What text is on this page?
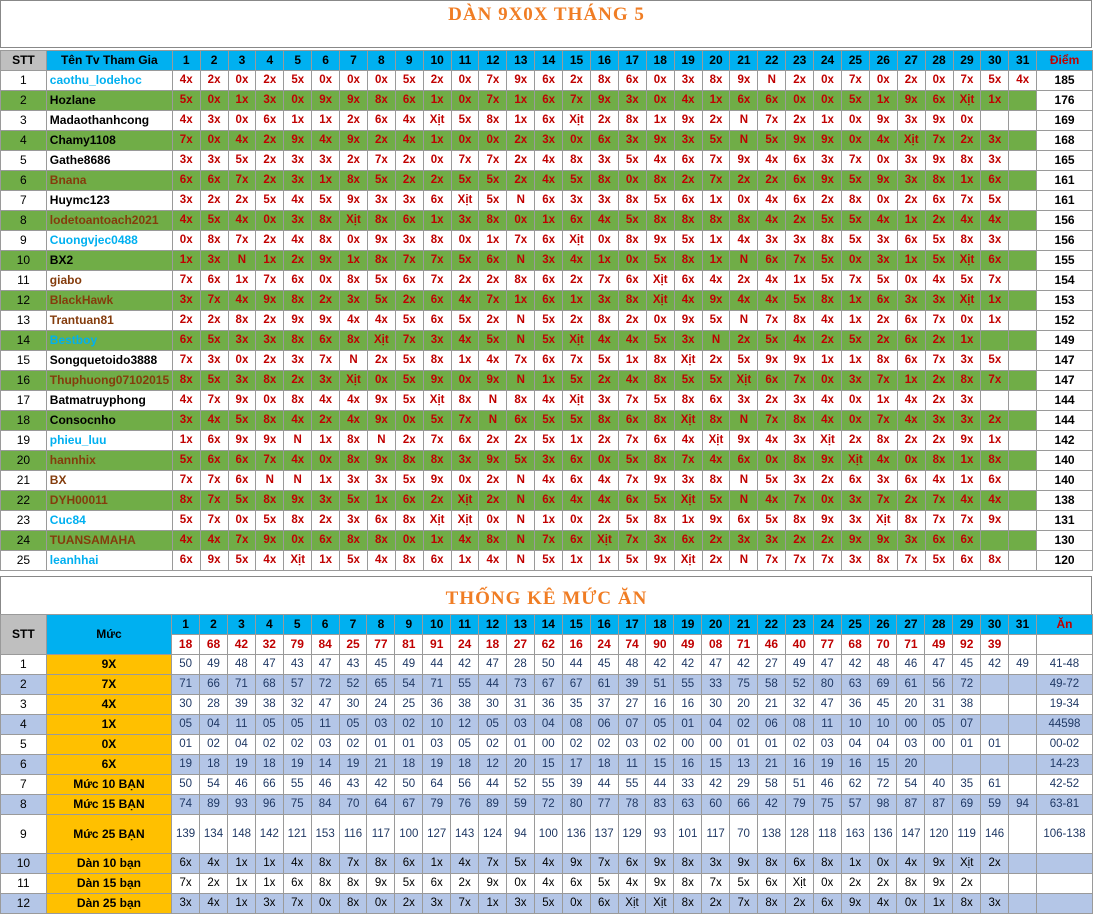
DÀN 9X0X THÁNG 5
STT	Tên Tv Tham Gia	1	2	3	4	5	6	7	8	9	10	11	12	13	14	15	16	17	18	19	20	21	22	23	24	25	26	27	28	29	30	31	Điểm
1	caothu_lodehoc	4x	2x	0x	2x	5x	0x	0x	0x	5x	2x	0x	7x	9x	6x	2x	8x	6x	0x	3x	8x	9x	N	2x	0x	7x	0x	2x	0x	7x	5x	4x	185
2	Hozlane	5x	0x	1x	3x	0x	9x	9x	8x	6x	1x	0x	7x	1x	6x	7x	9x	3x	0x	4x	1x	6x	6x	0x	0x	5x	1x	9x	6x	Xịt	1x		176
3	Madaothanhcong	4x	3x	0x	6x	1x	1x	2x	6x	4x	Xịt	5x	8x	1x	6x	Xịt	2x	8x	1x	9x	2x	N	7x	2x	1x	0x	9x	3x	9x	0x			169
4	Chamy1108	7x	0x	4x	2x	9x	4x	9x	2x	4x	1x	0x	0x	2x	3x	0x	6x	3x	9x	3x	5x	N	5x	9x	9x	0x	4x	Xịt	7x	2x	3x		168
5	Gathe8686	3x	3x	5x	2x	3x	3x	2x	7x	2x	0x	7x	7x	2x	4x	8x	3x	5x	4x	6x	7x	9x	4x	6x	3x	7x	0x	3x	9x	8x	3x		165
6	Bnana	6x	6x	7x	2x	3x	1x	8x	5x	2x	2x	5x	5x	2x	4x	5x	8x	0x	8x	2x	7x	2x	2x	6x	9x	5x	9x	3x	8x	1x	6x		161
7	Huymc123	3x	2x	2x	5x	4x	5x	9x	3x	3x	6x	Xịt	5x	N	6x	3x	3x	8x	5x	6x	1x	0x	4x	6x	2x	8x	0x	2x	6x	7x	5x		161
8	lodetoantoach2021	4x	5x	4x	0x	3x	8x	Xịt	8x	6x	1x	3x	8x	0x	1x	6x	4x	5x	8x	8x	8x	8x	4x	2x	5x	5x	4x	1x	2x	4x	4x		156
9	Cuongvjec0488	0x	8x	7x	2x	4x	8x	0x	9x	3x	8x	0x	1x	7x	6x	Xịt	0x	8x	9x	5x	1x	4x	3x	3x	8x	5x	3x	6x	5x	8x	3x		156
10	BX2	1x	3x	N	1x	2x	9x	1x	8x	7x	7x	5x	6x	N	3x	4x	1x	0x	5x	8x	1x	N	6x	7x	5x	0x	3x	1x	5x	Xịt	6x		155
11	giabo	7x	6x	1x	7x	6x	0x	8x	5x	6x	7x	2x	2x	8x	6x	2x	7x	6x	Xịt	6x	4x	2x	4x	1x	5x	7x	5x	0x	4x	5x	7x		154
12	BlackHawk	3x	7x	4x	9x	8x	2x	3x	5x	2x	6x	4x	7x	1x	6x	1x	3x	8x	Xịt	4x	9x	4x	4x	5x	8x	1x	6x	3x	3x	Xịt	1x		153
13	Trantuan81	2x	2x	8x	2x	9x	9x	4x	4x	5x	6x	5x	2x	N	5x	2x	8x	2x	0x	9x	5x	N	7x	8x	4x	1x	2x	6x	7x	0x	1x		152
14	Bestboy	6x	5x	3x	3x	8x	6x	8x	Xịt	7x	3x	4x	5x	N	5x	Xịt	4x	4x	5x	3x	N	2x	5x	4x	2x	5x	2x	6x	2x	1x			149
15	Songquetoido3888	7x	3x	0x	2x	3x	7x	N	2x	5x	8x	1x	4x	7x	6x	7x	5x	1x	8x	Xịt	2x	5x	9x	9x	1x	1x	8x	6x	7x	3x	5x		147
16	Thuphuong07102015	8x	5x	3x	8x	2x	3x	Xịt	0x	5x	9x	0x	9x	N	1x	5x	2x	4x	8x	5x	5x	Xịt	6x	7x	0x	3x	7x	1x	2x	8x	7x		147
17	Batmatruyphong	4x	7x	9x	0x	8x	4x	4x	9x	5x	Xịt	8x	N	8x	4x	Xịt	3x	7x	5x	8x	6x	3x	2x	3x	4x	0x	1x	4x	2x	3x			144
18	Consocnho	3x	4x	5x	8x	4x	2x	4x	9x	0x	5x	7x	N	6x	5x	5x	8x	6x	8x	Xịt	8x	N	7x	8x	4x	0x	7x	4x	3x	3x	2x		144
19	phieu_luu	1x	6x	9x	9x	N	1x	8x	N	2x	7x	6x	2x	2x	5x	1x	2x	7x	6x	4x	Xịt	9x	4x	3x	Xịt	2x	8x	2x	2x	9x	1x		142
20	hannhix	5x	6x	6x	7x	4x	0x	8x	9x	8x	8x	3x	9x	5x	3x	6x	0x	5x	8x	7x	4x	6x	0x	8x	9x	Xịt	4x	0x	8x	1x	8x		140
21	BX	7x	7x	6x	N	N	1x	3x	3x	5x	9x	0x	2x	N	4x	6x	4x	7x	9x	3x	8x	N	5x	3x	2x	6x	3x	6x	4x	1x	6x		140
22	DYH00011	8x	7x	5x	8x	9x	3x	5x	1x	6x	2x	Xịt	2x	N	6x	4x	4x	6x	5x	Xịt	5x	N	4x	7x	0x	3x	7x	2x	7x	4x	4x		138
23	Cuc84	5x	7x	0x	5x	8x	2x	3x	6x	8x	Xịt	Xịt	0x	N	1x	0x	2x	5x	8x	1x	9x	6x	5x	8x	9x	3x	Xịt	8x	7x	7x	9x		131
24	TUANSAMAHA	4x	4x	7x	9x	0x	6x	8x	8x	0x	1x	4x	8x	N	7x	6x	Xịt	7x	3x	6x	2x	3x	3x	2x	2x	9x	9x	3x	6x	6x			130
25	leanhhai	6x	9x	5x	4x	Xịt	1x	5x	4x	8x	6x	1x	4x	N	5x	1x	1x	5x	9x	Xịt	2x	N	7x	7x	7x	3x	8x	7x	5x	6x	8x		120
THỐNG KÊ MỨC ĂN
STT	Mức	1	2	3	4	5	6	7	8	9	10	11	12	13	14	15	16	17	18	19	20	21	22	23	24	25	26	27	28	29	30	31	Ăn
		18	68	42	32	79	84	25	77	81	91	24	18	27	62	16	24	74	90	49	08	71	46	40	77	68	70	71	49	92	39		
1	9X	50	49	48	47	43	47	43	45	49	44	42	47	28	50	44	45	48	42	42	47	42	27	49	47	42	48	46	47	45	42	49	41-48
2	7X	71	66	71	68	57	72	52	65	54	71	55	44	73	67	67	61	39	51	55	33	75	58	52	80	63	69	61	56	72			49-72
3	4X	30	28	39	38	32	47	30	24	25	36	38	30	31	36	35	37	27	16	16	30	20	21	32	47	36	45	20	31	38			19-34
4	1X	05	04	11	05	05	11	05	03	02	10	12	05	03	04	08	06	07	05	01	04	02	06	08	11	10	10	00	05	07			44598
5	0X	01	02	04	02	02	03	02	01	01	03	05	02	01	00	02	02	03	02	00	00	01	01	02	03	04	04	03	00	01	01		00-02
6	6X	19	18	19	18	19	14	19	21	18	19	18	12	20	15	17	18	11	15	16	15	13	21	16	19	16	15	20					14-23
7	Mức 10 BẠN	50	54	46	66	55	46	43	42	50	64	56	44	52	55	39	44	55	44	33	42	29	58	51	46	62	72	54	40	35	61		42-52
8	Mức 15 BẠN	74	89	93	96	75	84	70	64	67	79	76	89	59	72	80	77	78	83	63	60	66	42	79	75	57	98	87	87	69	59	94	63-81
9	Mức 25 BẠN	139	134	148	142	121	153	116	117	100	127	143	124	94	100	136	137	129	93	101	117	70	138	128	118	163	136	147	120	119	146		106-138
10	Dàn 10 bạn	6x	4x	1x	1x	4x	8x	7x	8x	6x	1x	4x	7x	5x	4x	9x	7x	6x	9x	8x	3x	9x	8x	6x	8x	1x	0x	4x	9x	Xịt	2x		
11	Dàn 15 bạn	7x	2x	1x	1x	6x	8x	8x	9x	5x	6x	2x	9x	0x	4x	6x	5x	4x	9x	8x	7x	5x	6x	Xịt	0x	2x	2x	8x	9x	2x			
12	Dàn 25 bạn	3x	4x	1x	3x	7x	0x	8x	0x	2x	3x	7x	1x	3x	5x	0x	6x	Xịt	Xịt	8x	2x	7x	8x	2x	6x	9x	4x	0x	1x	8x	3x		
